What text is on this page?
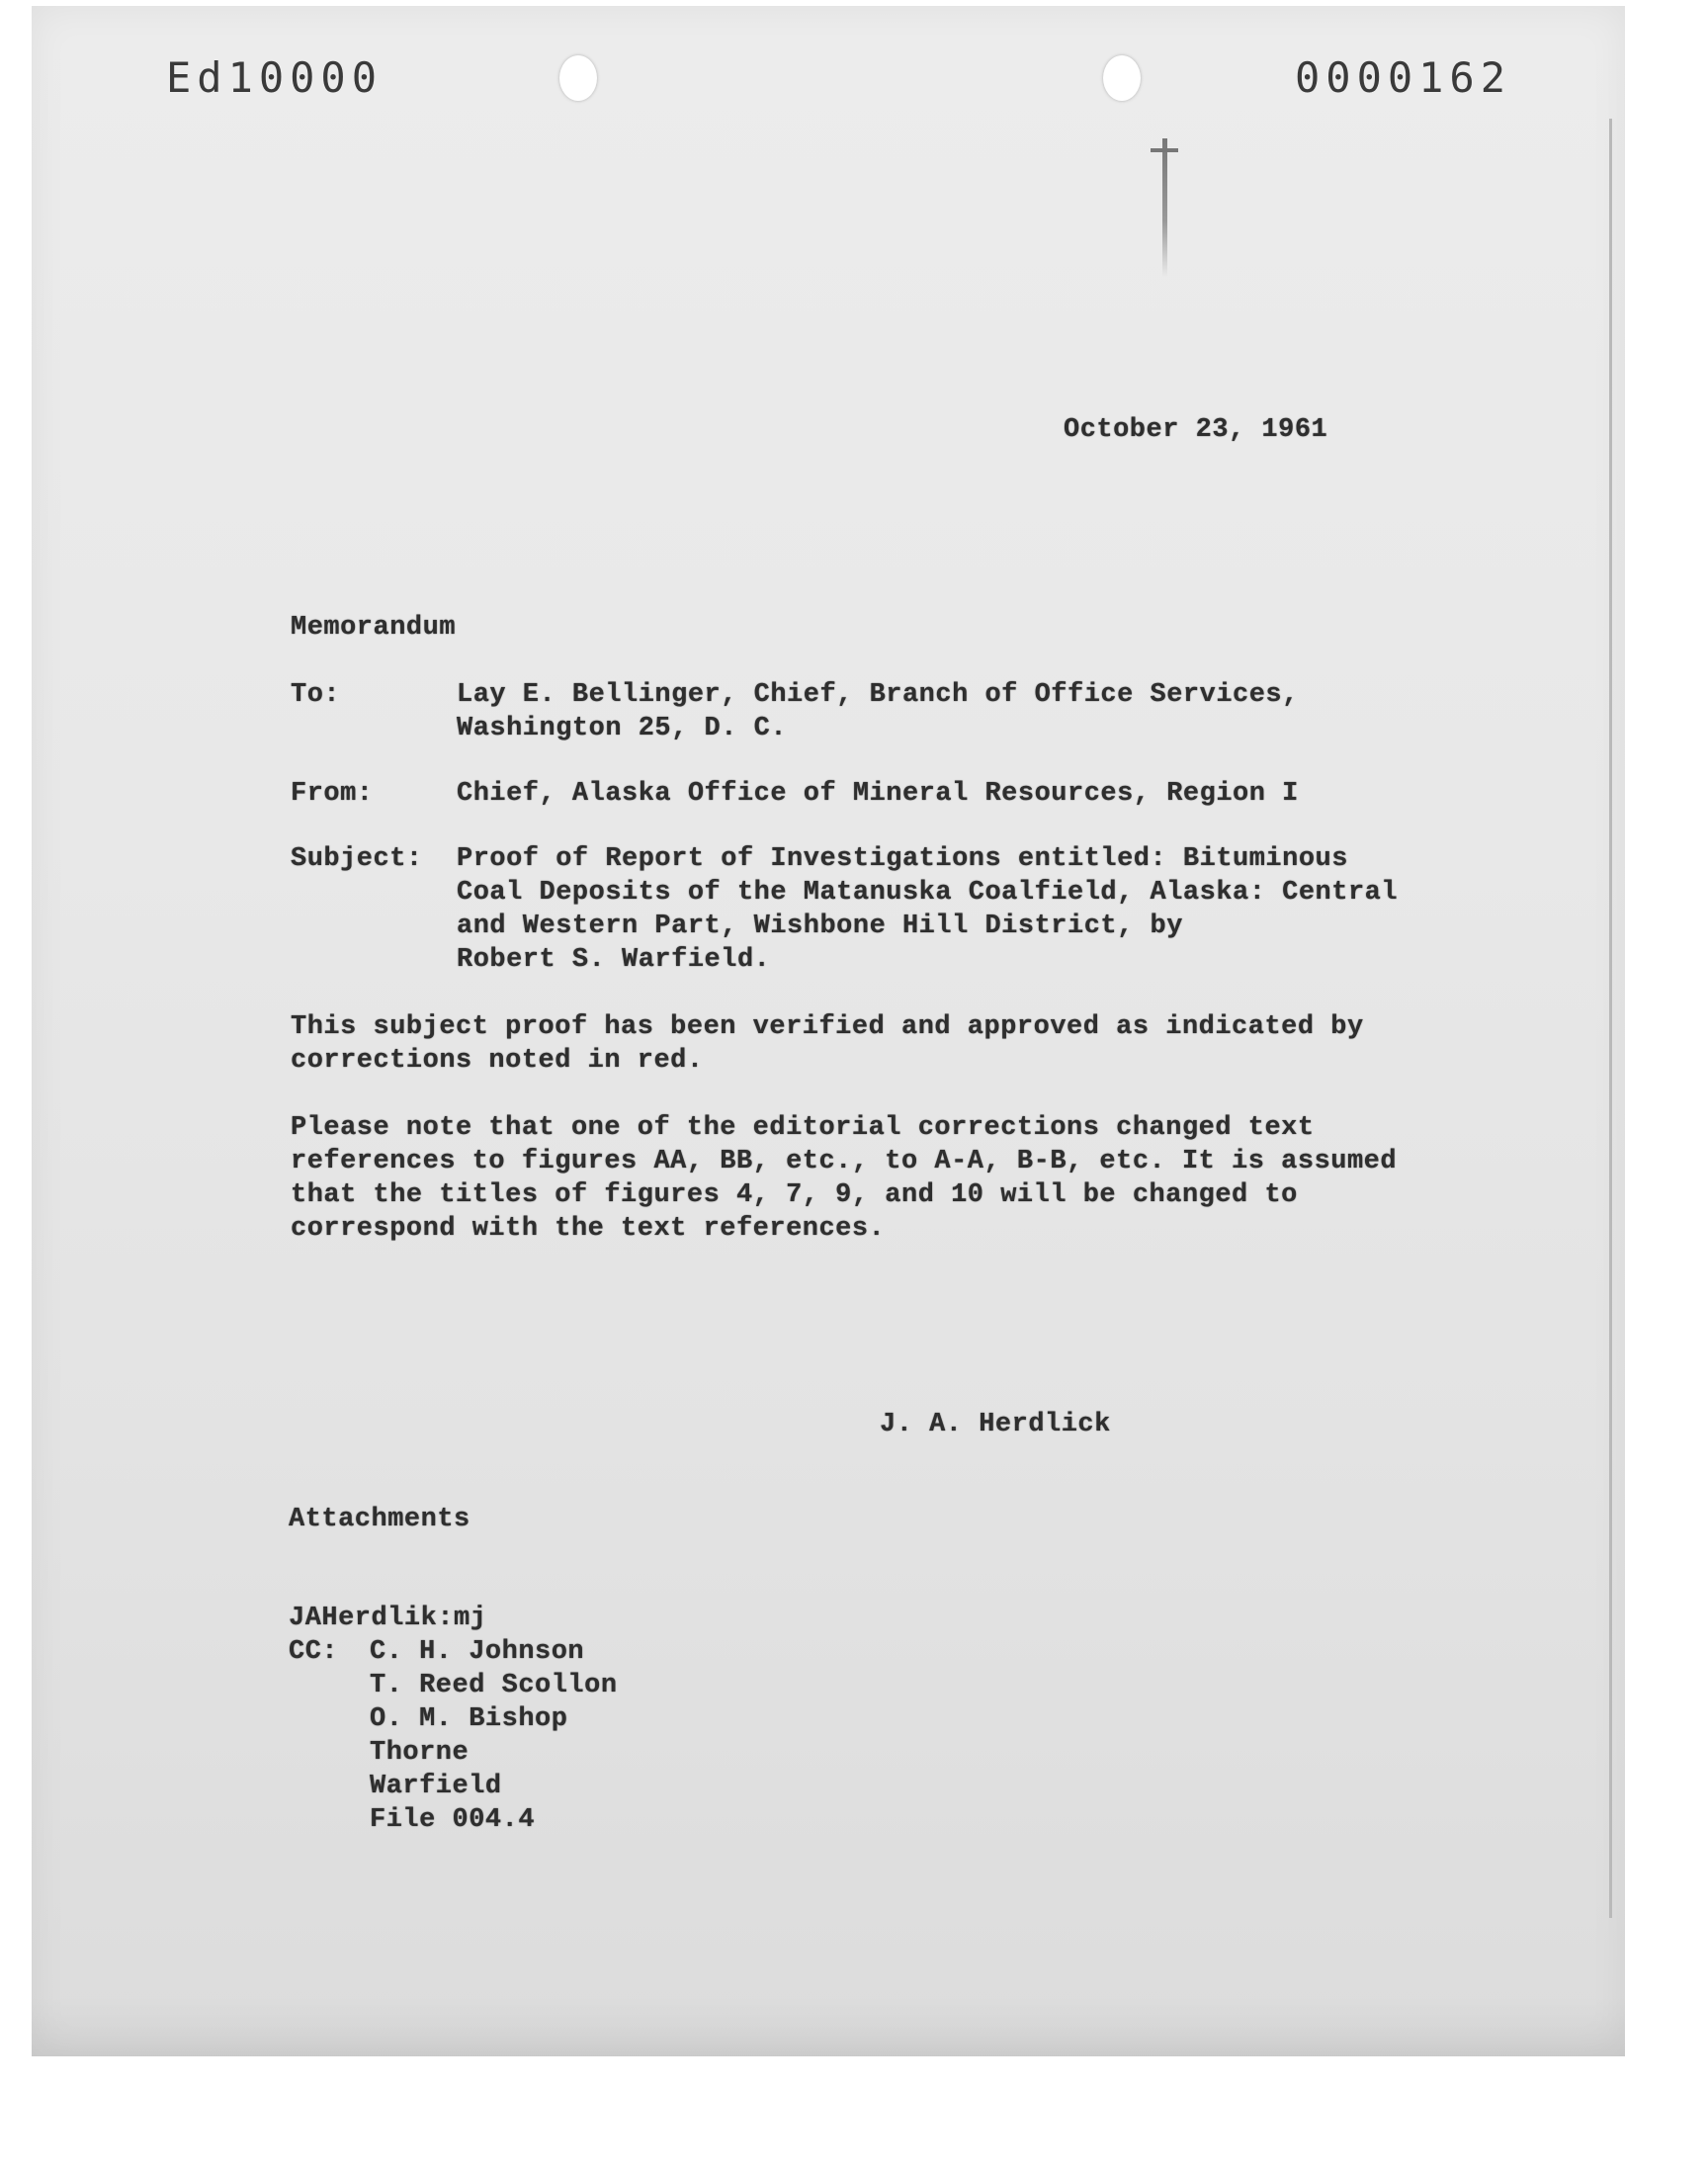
Ed10000	0000162
October 23, 1961
Memorandum
To:	Lay E. Bellinger, Chief, Branch of Office Services,
Washington 25, D. C.
From:	Chief, Alaska Office of Mineral Resources, Region I
Subject:	Proof of Report of Investigations entitled: Bituminous
Coal Deposits of the Matanuska Coalfield, Alaska: Central
and Western Part, Wishbone Hill District, by
Robert S. Warfield.
This subject proof has been verified and approved as indicated by
corrections noted in red.
Please note that one of the editorial corrections changed text
references to figures AA, BB, etc., to A-A, B-B, etc. It is assumed
that the titles of figures 4, 7, 9, and 10 will be changed to
correspond with the text references.
J. A. Herdlick
Attachments
JAHerdlik:mj
CC:	C. H. Johnson
T. Reed Scollon
O. M. Bishop
Thorne
Warfield
File 004.4
